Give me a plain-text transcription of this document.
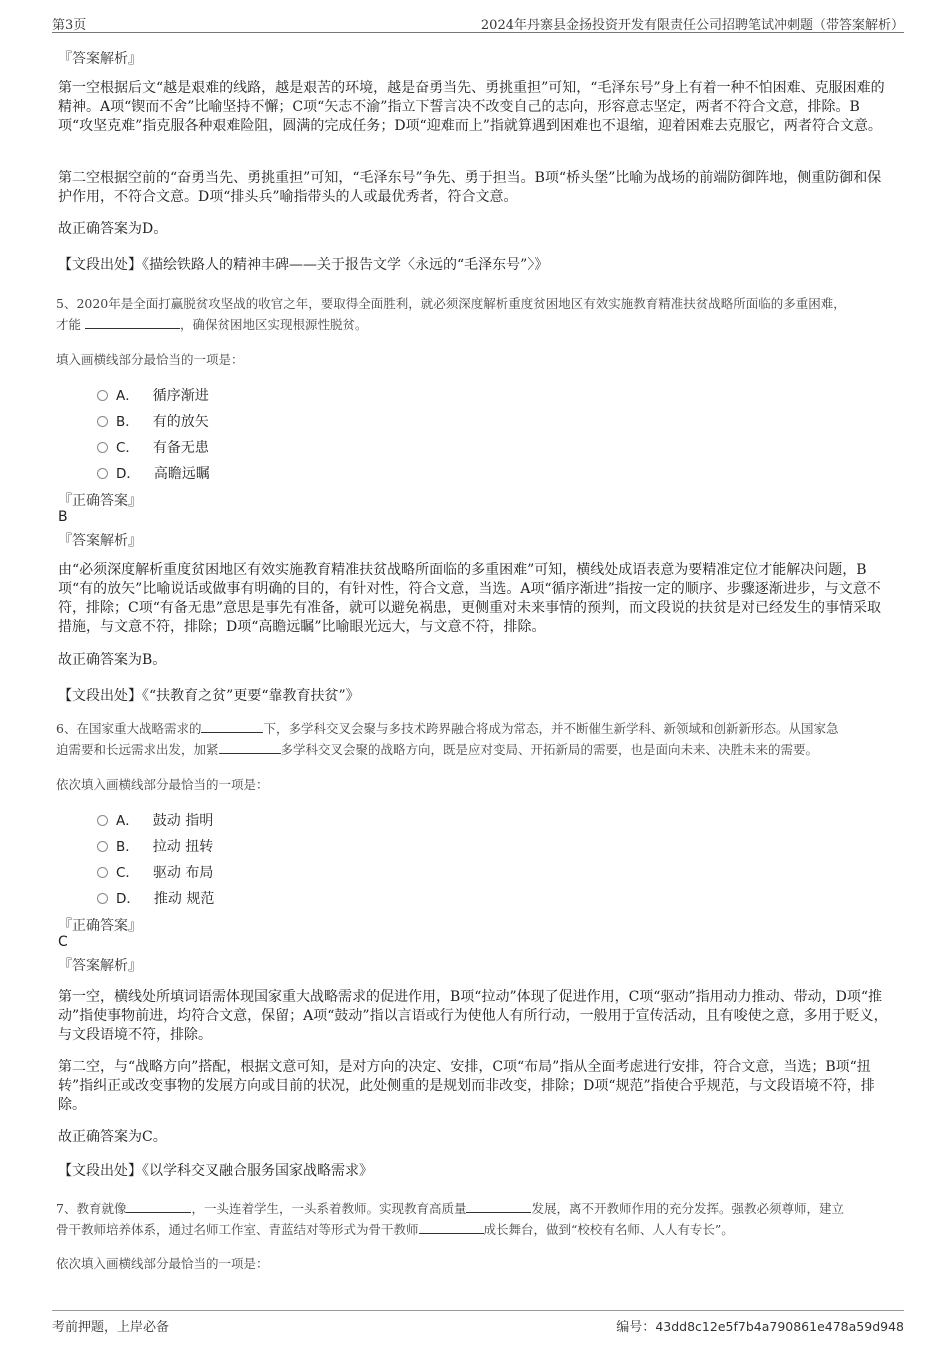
第3页	2024年丹寨县金扬投资开发有限责任公司招聘笔试冲刺题（带答案解析）
『答案解析』
第一空根据后文“越是艰难的线路，越是艰苦的环境，越是奋勇当先、勇挑重担”可知，“毛泽东号”身上有着一种不怕困难、克服困难的精神。A项“锲而不舍”比喻坚持不懈；C项“矢志不渝”指立下誓言决不改变自己的志向，形容意志坚定，两者不符合文意，排除。B项“攻坚克难”指克服各种艰难险阻，圆满的完成任务；D项“迎难而上”指就算遇到困难也不退缩，迎着困难去克服它，两者符合文意。
第二空根据空前的“奋勇当先、勇挑重担”可知，“毛泽东号”争先、勇于担当。B项“桥头堡”比喻为战场的前端防御阵地，侧重防御和保护作用，不符合文意。D项“排头兵”喻指带头的人或最优秀者，符合文意。
故正确答案为D。
【文段出处】《描绘铁路人的精神丰碑——关于报告文学〈永远的“毛泽东号”〉》
5、2020年是全面打赢脱贫攻坚战的收官之年，要取得全面胜利，就必须深度解析重度贫困地区有效实施教育精准扶贫战略所面临的多重困难，
才能	，确保贫困地区实现根源性脱贫。
填入画横线部分最恰当的一项是：
A． 循序渐进
B． 有的放矢
C． 有备无患
D． 高瞻远瞩
『正确答案』
B
『答案解析』
由“必须深度解析重度贫困地区有效实施教育精准扶贫战略所面临的多重困难”可知，横线处成语表意为要精准定位才能解决问题，B项“有的放矢”比喻说话或做事有明确的目的，有针对性，符合文意，当选。A项“循序渐进”指按一定的顺序、步骤逐渐进步，与文意不符，排除；C项“有备无患”意思是事先有准备，就可以避免祸患，更侧重对未来事情的预判，而文段说的扶贫是对已经发生的事情采取措施，与文意不符，排除；D项“高瞻远瞩”比喻眼光远大，与文意不符，排除。
故正确答案为B。
【文段出处】《“扶教育之贫”更要“靠教育扶贫”》
6、在国家重大战略需求的	下，多学科交叉会聚与多技术跨界融合将成为常态，并不断催生新学科、新领域和创新新形态。从国家急
迫需要和长远需求出发，加紧	多学科交叉会聚的战略方向，既是应对变局、开拓新局的需要，也是面向未来、决胜未来的需要。
依次填入画横线部分最恰当的一项是：
A． 鼓动 指明
B． 拉动 扭转
C． 驱动 布局
D． 推动 规范
『正确答案』
C
『答案解析』
第一空，横线处所填词语需体现国家重大战略需求的促进作用，B项“拉动”体现了促进作用，C项“驱动”指用动力推动、带动，D项“推动”指使事物前进，均符合文意，保留；A项“鼓动”指以言语或行为使他人有所行动，一般用于宣传活动，且有唆使之意，多用于贬义，与文段语境不符，排除。
第二空，与“战略方向”搭配，根据文意可知，是对方向的决定、安排，C项“布局”指从全面考虑进行安排，符合文意，当选；B项“扭转”指纠正或改变事物的发展方向或目前的状况，此处侧重的是规划而非改变，排除；D项“规范”指使合乎规范，与文段语境不符，排除。
故正确答案为C。
【文段出处】《以学科交叉融合服务国家战略需求》
7、教育就像	，一头连着学生，一头系着教师。实现教育高质量	发展，离不开教师作用的充分发挥。强教必须尊师，建立
骨干教师培养体系，通过名师工作室、青蓝结对等形式为骨干教师	成长舞台，做到“校校有名师、人人有专长”。
依次填入画横线部分最恰当的一项是：
考前押题，上岸必备	编号：43dd8c12e5f7b4a790861e478a59d948
